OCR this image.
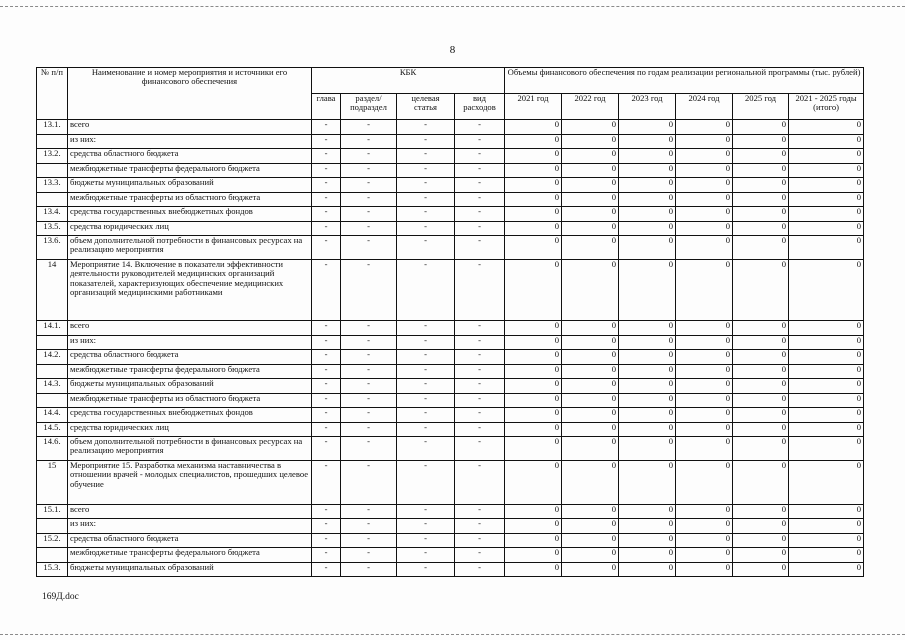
8
№ п/п	Наименование и номер мероприятия и источники его финансового обеспечения	КБК				Объемы финансового обеспечения по годам реализации региональной программы (тыс. рублей)					
		глава	раздел/ подраздел	целевая статья	вид расходов	2021 год	2022 год	2023 год	2024 год	2025 год	2021 - 2025 годы (итого)
13.1.	всего	-	-	-	-	0	0	0	0	0	0
	из них:	-	-	-	-	0	0	0	0	0	0
13.2.	средства областного бюджета	-	-	-	-	0	0	0	0	0	0
	межбюджетные трансферты федерального бюджета	-	-	-	-	0	0	0	0	0	0
13.3.	бюджеты муниципальных образований	-	-	-	-	0	0	0	0	0	0
	межбюджетные трансферты из областного бюджета	-	-	-	-	0	0	0	0	0	0
13.4.	средства государственных внебюджетных фондов	-	-	-	-	0	0	0	0	0	0
13.5.	средства юридических лиц	-	-	-	-	0	0	0	0	0	0
13.6.	объем дополнительной потребности в финансовых ресурсах на реализацию мероприятия	-	-	-	-	0	0	0	0	0	0
14	Мероприятие 14. Включение в показатели эффективности деятельности руководителей медицинских организаций показателей, характеризующих обеспечение медицинских организаций медицинскими работниками	-	-	-	-	0	0	0	0	0	0
14.1.	всего	-	-	-	-	0	0	0	0	0	0
	из них:	-	-	-	-	0	0	0	0	0	0
14.2.	средства областного бюджета	-	-	-	-	0	0	0	0	0	0
	межбюджетные трансферты федерального бюджета	-	-	-	-	0	0	0	0	0	0
14.3.	бюджеты муниципальных образований	-	-	-	-	0	0	0	0	0	0
	межбюджетные трансферты из областного бюджета	-	-	-	-	0	0	0	0	0	0
14.4.	средства государственных внебюджетных фондов	-	-	-	-	0	0	0	0	0	0
14.5.	средства юридических лиц	-	-	-	-	0	0	0	0	0	0
14.6.	объем дополнительной потребности в финансовых ресурсах на реализацию мероприятия	-	-	-	-	0	0	0	0	0	0
15	Мероприятие 15. Разработка механизма наставничества в отношении врачей - молодых специалистов, прошедших целевое обучение	-	-	-	-	0	0	0	0	0	0
15.1.	всего	-	-	-	-	0	0	0	0	0	0
	из них:	-	-	-	-	0	0	0	0	0	0
15.2.	средства областного бюджета	-	-	-	-	0	0	0	0	0	0
	межбюджетные трансферты федерального бюджета	-	-	-	-	0	0	0	0	0	0
15.3.	бюджеты муниципальных образований	-	-	-	-	0	0	0	0	0	0
169Д.doc
